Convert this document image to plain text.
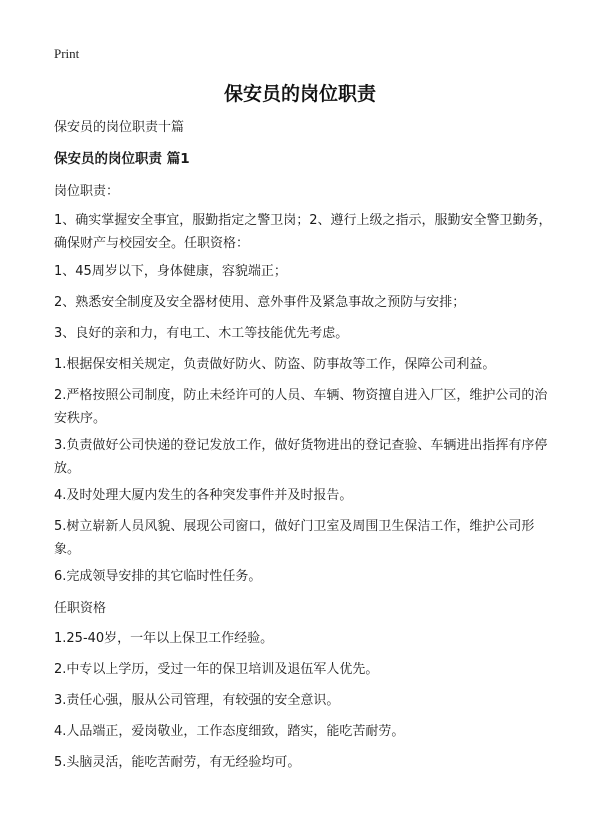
Print
保安员的岗位职责

保安员的岗位职责十篇

保安员的岗位职责 篇1

岗位职责：

1、确实掌握安全事宜，服勤指定之警卫岗；2、遵行上级之指示，服勤安全警卫勤务，确保财产与校园安全。任职资格：

1、45周岁以下，身体健康，容貌端正；

2、熟悉安全制度及安全器材使用、意外事件及紧急事故之预防与安排；

3、良好的亲和力，有电工、木工等技能优先考虑。

1.根据保安相关规定，负责做好防火、防盗、防事故等工作，保障公司利益。

2.严格按照公司制度，防止未经许可的人员、车辆、物资擅自进入厂区，维护公司的治安秩序。

3.负责做好公司快递的登记发放工作，做好货物进出的登记查验、车辆进出指挥有序停放。

4.及时处理大厦内发生的各种突发事件并及时报告。

5.树立崭新人员风貌、展现公司窗口，做好门卫室及周围卫生保洁工作，维护公司形象。

6.完成领导安排的其它临时性任务。

任职资格

1.25-40岁，一年以上保卫工作经验。

2.中专以上学历，受过一年的保卫培训及退伍军人优先。

3.责任心强，服从公司管理，有较强的安全意识。

4.人品端正，爱岗敬业，工作态度细致，踏实，能吃苦耐劳。

5.头脑灵活，能吃苦耐劳，有无经验均可。
